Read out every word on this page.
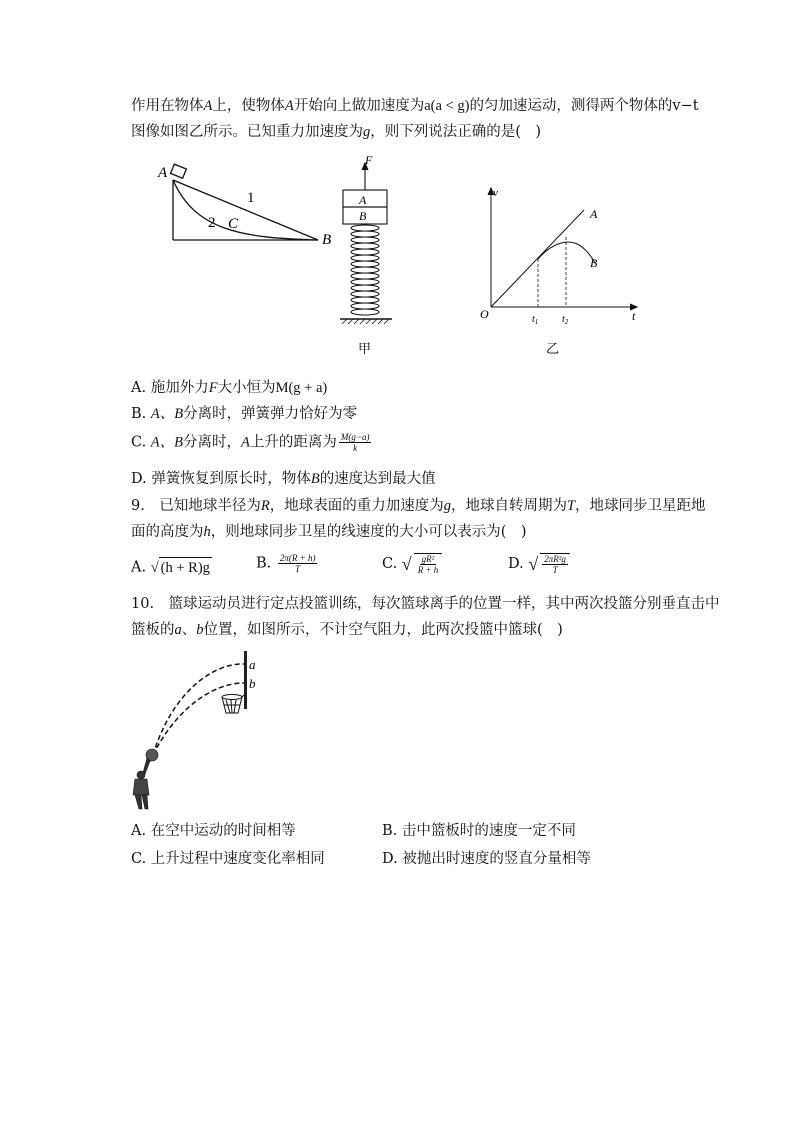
作用在物体A上，使物体A开始向上做加速度为a(a < g)的匀加速运动，测得两个物体的v−t
图像如图乙所示。已知重力加速度为g，则下列说法正确的是(　)
A
B
1
2 C
F
A
B
甲
v
t
O	$t_1$ $t_2$
A
B
乙
A. 施加外力F大小恒为M(g + a)
B. A、B分离时，弹簧弹力恰好为零
C. A、B分离时，A上升的距离为 $\frac{M(g-a)}{k}$
D. 弹簧恢复到原长时，物体B的速度达到最大值
9.　已知地球半径为R，地球表面的重力加速度为g，地球自转周期为T，地球同步卫星距地
面的高度为h，则地球同步卫星的线速度的大小可以表示为(　)
A. √ (h + R)g	B. $\frac{2\pi(R + h)}{T}$	C. √ $\frac{\text{gR²}}{R + h}$	D. √ $\frac{\text{2πR²g}}{T}$
10.　篮球运动员进行定点投篮训练，每次篮球离手的位置一样，其中两次投篮分别垂直击中
篮板的a、b位置，如图所示，不计空气阻力，此两次投篮中篮球(　)
a
b
A. 在空中运动的时间相等	B. 击中篮板时的速度一定不同
C. 上升过程中速度变化率相同	D. 被抛出时速度的竖直分量相等
